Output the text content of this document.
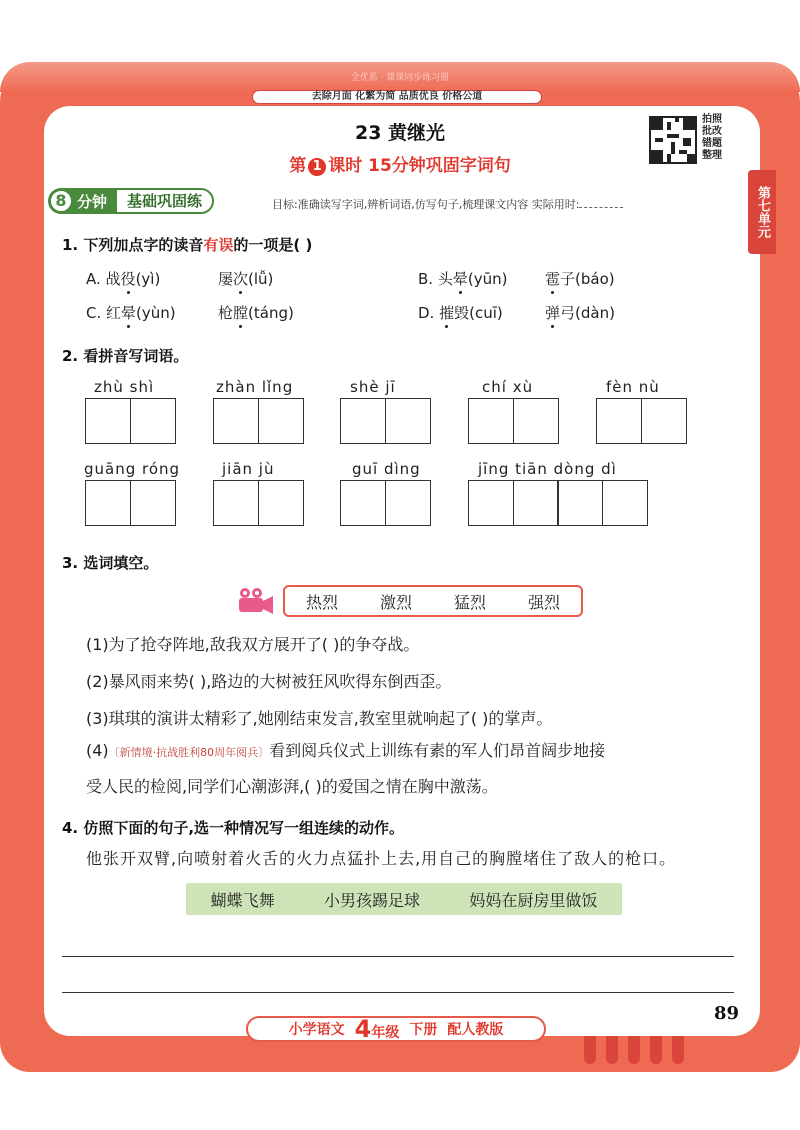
全优系 · 课课同步练习册
去除月面 化繁为简 品质优良 价格公道
第七单元
23 黄继光
第 1 课时 15分钟巩固字词句
拍照批改 错题整理
8 分钟	基础巩固练	目标:准确读写字词,辨析词语,仿写句子,梳理课文内容 实际用时:
1. 下列加点字的读音有误的一项是( )
A. 战役(yì)	屡次(lǚ)	B. 头晕(yūn)	雹子(báo)
C. 红晕(yùn)	枪膛(táng)	D. 摧毁(cuī)	弹弓(dàn)
2. 看拼音写词语。
zhù shì	zhàn lǐng	shè jī	chí xù	fèn nù
guāng róng	jiān jù	guī dìng	jīng tiān dòng dì
3. 选词填空。
热烈	激烈	猛烈	强烈
(1)为了抢夺阵地,敌我双方展开了( )的争夺战。
(2)暴风雨来势( ),路边的大树被狂风吹得东倒西歪。
(3)琪琪的演讲太精彩了,她刚结束发言,教室里就响起了( )的掌声。
(4)〔新情境·抗战胜利80周年阅兵〕看到阅兵仪式上训练有素的军人们昂首阔步地接
受人民的检阅,同学们心潮澎湃,( )的爱国之情在胸中激荡。
4. 仿照下面的句子,选一种情况写一组连续的动作。
他张开双臂,向喷射着火舌的火力点猛扑上去,用自己的胸膛堵住了敌人的枪口。
蝴蝶飞舞	小男孩踢足球	妈妈在厨房里做饭
89
小学语文 4年级 下册 配人教版
